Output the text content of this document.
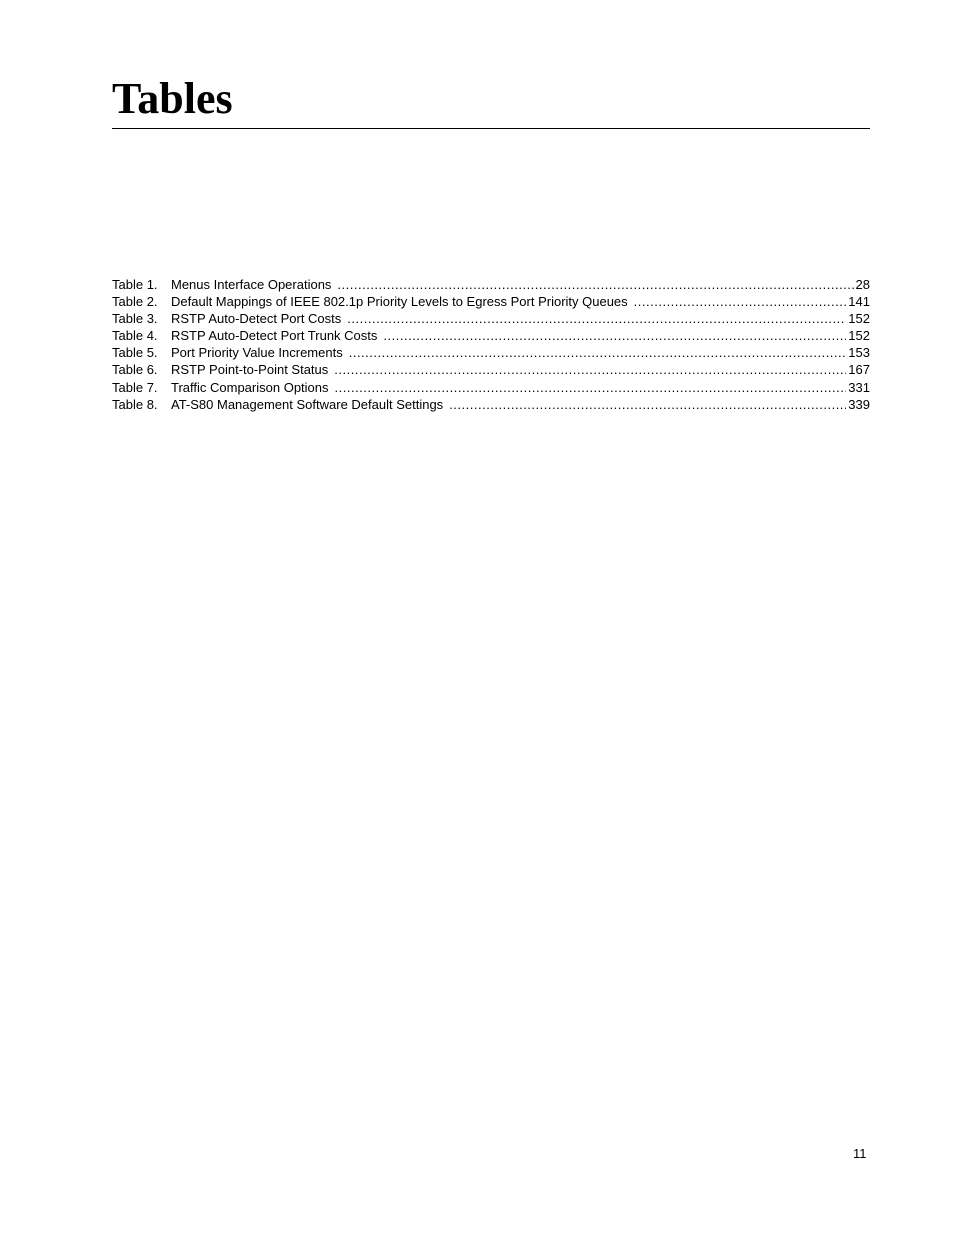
Tables
Table 1.	Menus Interface Operations .....	28
Table 2.	Default Mappings of IEEE 802.1p Priority Levels to Egress Port Priority Queues .....	141
Table 3.	RSTP Auto-Detect Port Costs .....	152
Table 4.	RSTP Auto-Detect Port Trunk Costs .....	152
Table 5.	Port Priority Value Increments .....	153
Table 6.	RSTP Point-to-Point Status .....	167
Table 7.	Traffic Comparison Options .....	331
Table 8.	AT-S80 Management Software Default Settings .....	339
11
